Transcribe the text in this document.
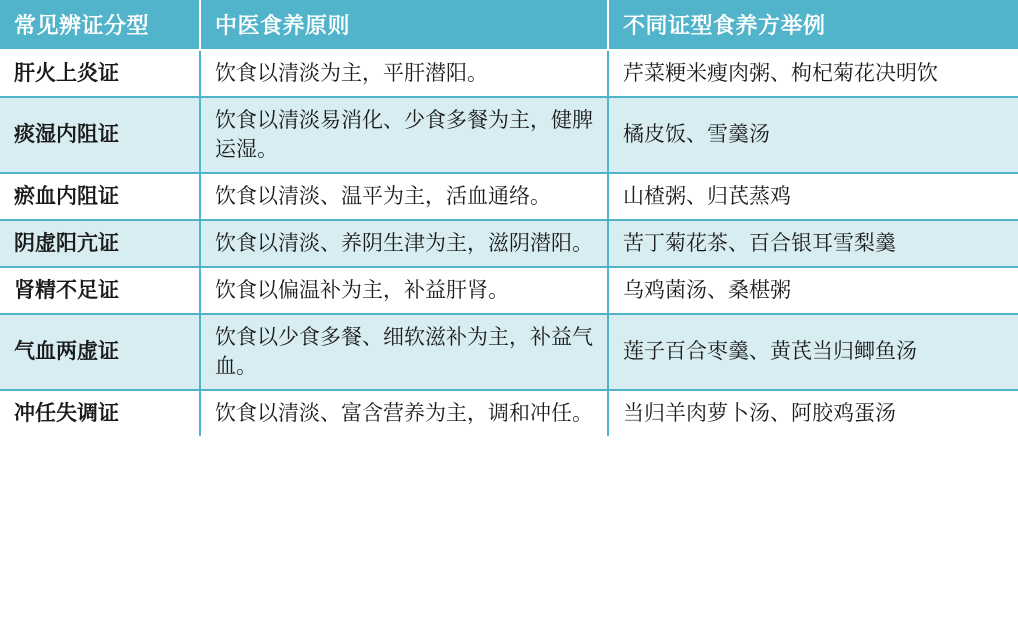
常见辨证分型	中医食养原则	不同证型食养方举例
肝火上炎证	饮食以清淡为主，平肝潜阳。	芹菜粳米瘦肉粥、枸杞菊花决明饮
痰湿内阻证	饮食以清淡易消化、少食多餐为主，健脾运湿。	橘皮饭、雪羹汤
瘀血内阻证	饮食以清淡、温平为主，活血通络。	山楂粥、归芪蒸鸡
阴虚阳亢证	饮食以清淡、养阴生津为主，滋阴潜阳。	苦丁菊花茶、百合银耳雪梨羹
肾精不足证	饮食以偏温补为主，补益肝肾。	乌鸡菌汤、桑椹粥
气血两虚证	饮食以少食多餐、细软滋补为主，补益气血。	莲子百合枣羹、黄芪当归鲫鱼汤
冲任失调证	饮食以清淡、富含营养为主，调和冲任。	当归羊肉萝卜汤、阿胶鸡蛋汤
